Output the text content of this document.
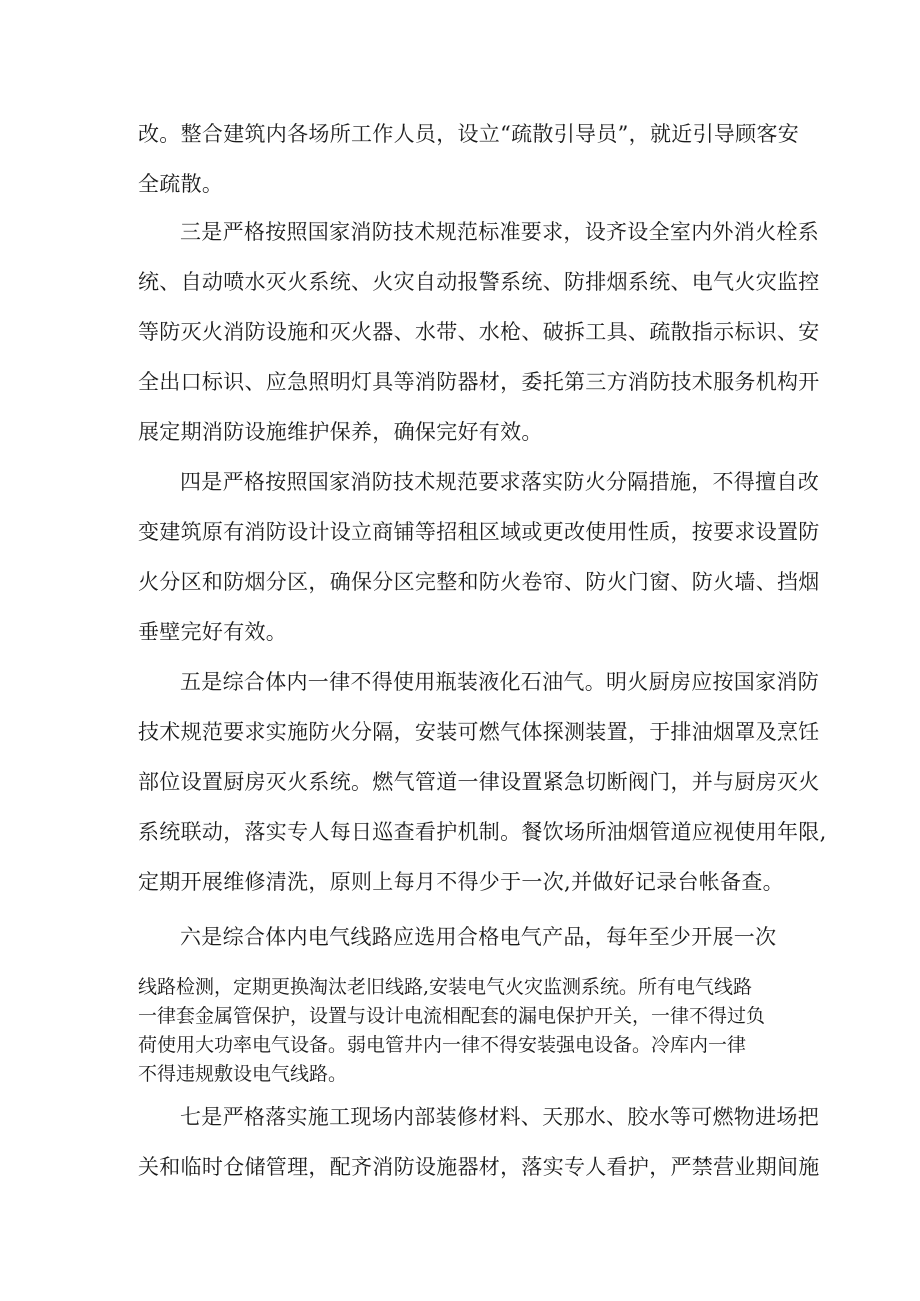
改。整合建筑内各场所工作人员，设立“疏散引导员”，就近引导顾客安
全疏散。
三是严格按照国家消防技术规范标准要求，设齐设全室内外消火栓系
统、自动喷水灭火系统、火灾自动报警系统、防排烟系统、电气火灾监控
等防灭火消防设施和灭火器、水带、水枪、破拆工具、疏散指示标识、安
全出口标识、应急照明灯具等消防器材，委托第三方消防技术服务机构开
展定期消防设施维护保养，确保完好有效。
四是严格按照国家消防技术规范要求落实防火分隔措施，不得擅自改
变建筑原有消防设计设立商铺等招租区域或更改使用性质，按要求设置防
火分区和防烟分区，确保分区完整和防火卷帘、防火门窗、防火墙、挡烟
垂壁完好有效。
五是综合体内一律不得使用瓶装液化石油气。明火厨房应按国家消防
技术规范要求实施防火分隔，安装可燃气体探测装置，于排油烟罩及烹饪
部位设置厨房灭火系统。燃气管道一律设置紧急切断阀门，并与厨房灭火
系统联动，落实专人每日巡查看护机制。餐饮场所油烟管道应视使用年限,
定期开展维修清洗，原则上每月不得少于一次,并做好记录台帐备查。
六是综合体内电气线路应选用合格电气产品，每年至少开展一次
线路检测，定期更换淘汰老旧线路,安装电气火灾监测系统。所有电气线路
一律套金属管保护，设置与设计电流相配套的漏电保护开关，一律不得过负
荷使用大功率电气设备。弱电管井内一律不得安装强电设备。冷库内一律
不得违规敷设电气线路。
七是严格落实施工现场内部装修材料、天那水、胶水等可燃物进场把
关和临时仓储管理，配齐消防设施器材，落实专人看护，严禁营业期间施
